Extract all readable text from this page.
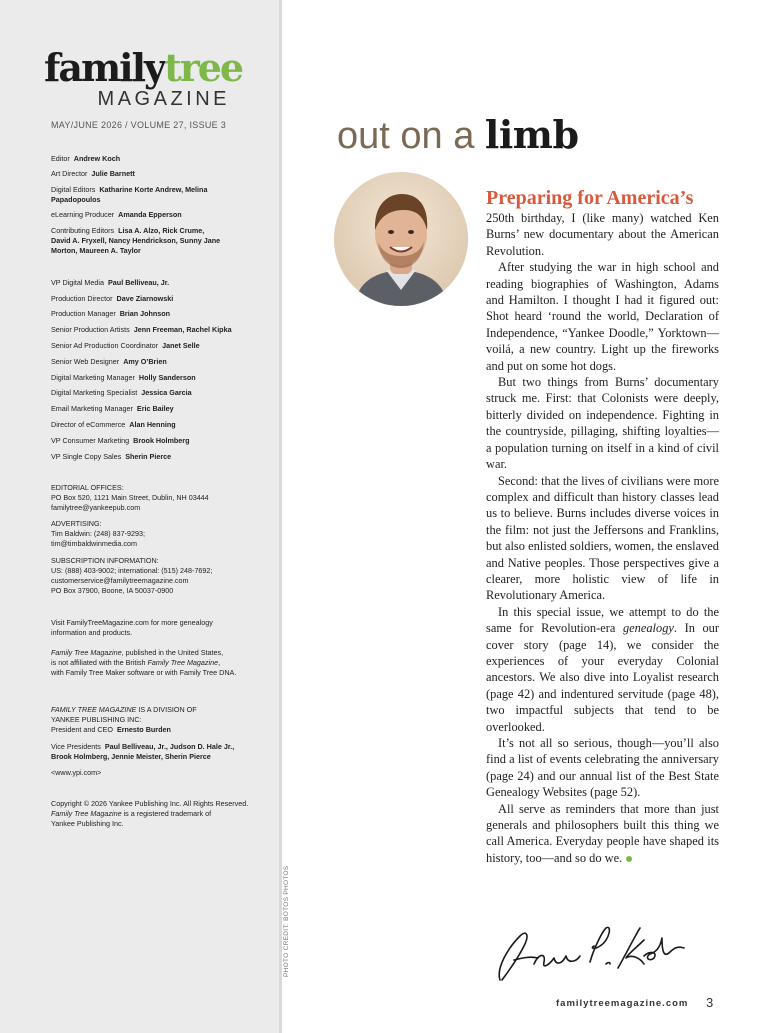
familytree
MAGAZINE
MAY/JUNE 2026 / VOLUME 27, ISSUE 3
Editor Andrew Koch
Art Director Julie Barnett
Digital Editors Katharine Korte Andrew, Melina Papadopoulos
eLearning Producer Amanda Epperson
Contributing Editors Lisa A. Alzo, Rick Crume, David A. Fryxell, Nancy Hendrickson, Sunny Jane Morton, Maureen A. Taylor
VP Digital Media Paul Belliveau, Jr.
Production Director Dave Ziarnowski
Production Manager Brian Johnson
Senior Production Artists Jenn Freeman, Rachel Kipka
Senior Ad Production Coordinator Janet Selle
Senior Web Designer Amy O’Brien
Digital Marketing Manager Holly Sanderson
Digital Marketing Specialist Jessica Garcia
Email Marketing Manager Eric Bailey
Director of eCommerce Alan Henning
VP Consumer Marketing Brook Holmberg
VP Single Copy Sales Sherin Pierce
EDITORIAL OFFICES:
PO Box 520, 1121 Main Street, Dublin, NH 03444
familytree@yankeepub.com
ADVERTISING:
Tim Baldwin: (248) 837-9293;
tim@timbaldwinmedia.com
SUBSCRIPTION INFORMATION:
US: (888) 403-9002; international: (515) 248-7692;
customerservice@familytreemagazine.com
PO Box 37900, Boone, IA 50037-0900
Visit FamilyTreeMagazine.com for more genealogy
information and products.
Family Tree Magazine, published in the United States,
is not affiliated with the British Family Tree Magazine,
with Family Tree Maker software or with Family Tree DNA.
FAMILY TREE MAGAZINE IS A DIVISION OF
YANKEE PUBLISHING INC:
President and CEO Ernesto Burden
Vice Presidents Paul Belliveau, Jr., Judson D. Hale Jr.,
Brook Holmberg, Jennie Meister, Sherin Pierce
<www.ypi.com>
Copyright © 2026 Yankee Publishing Inc. All Rights Reserved.
Family Tree Magazine is a registered trademark of
Yankee Publishing Inc.
PHOTO CREDIT: BOTOS PHOTOS
out on a limb
Preparing for America’s

250th birthday, I (like many) watched Ken Burns’ new documentary about the American Revolution.

After studying the war in high school and reading biographies of Washington, Adams and Hamilton. I thought I had it figured out: Shot heard ‘round the world, Declaration of Independence, “Yankee Doodle,” Yorktown—voilá, a new country. Light up the fireworks and put on some hot dogs.

But two things from Burns’ documentary struck me. First: that Colonists were deeply, bitterly divided on independence. Fighting in the countryside, pillaging, shifting loyalties—a population turning on itself in a kind of civil war.

Second: that the lives of civilians were more complex and difficult than history classes lead us to believe. Burns includes diverse voices in the film: not just the Jeffersons and Franklins, but also enlisted soldiers, women, the enslaved and Native peoples. Those perspectives give a clearer, more holistic view of life in Revolutionary America.

In this special issue, we attempt to do the same for Revolution-era genealogy. In our cover story (page 14), we consider the experiences of your everyday Colonial ancestors. We also dive into Loyalist research (page 42) and indentured servitude (page 48), two impactful subjects that tend to be overlooked.

It’s not all so serious, though—you’ll also find a list of events celebrating the anniversary (page 24) and our annual list of the Best State Genealogy Websites (page 52).

All serve as reminders that more than just generals and philosophers built this thing we call America. Everyday people have shaped its history, too—and so do we.

familytreemagazine.com 3
